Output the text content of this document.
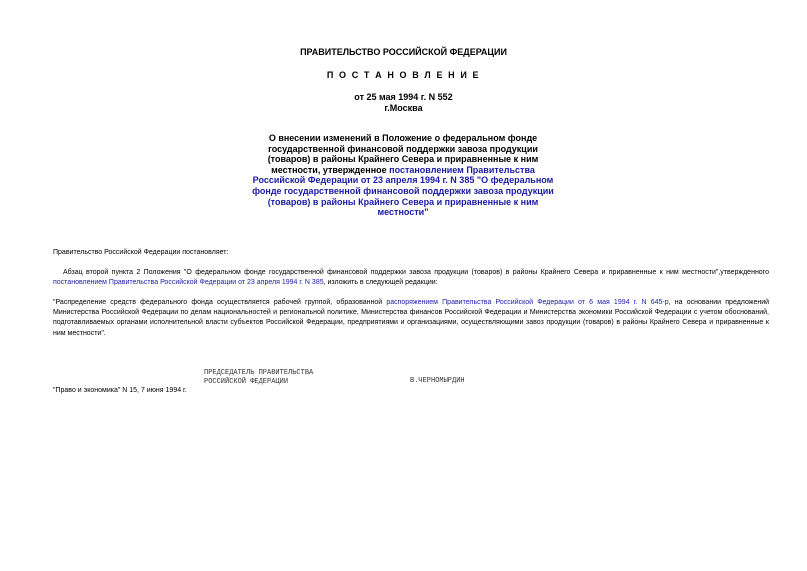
ПРАВИТЕЛЬСТВО РОССИЙСКОЙ ФЕДЕРАЦИИ
П О С Т А Н О В Л Е Н И Е
от 25 мая 1994 г. N 552
г.Москва
О внесении изменений в Положение о федеральном фонде государственной финансовой поддержки завоза продукции (товаров) в районы Крайнего Севера и приравненные к ним местности, утвержденное постановлением Правительства Российской Федерации от 23 апреля 1994 г. N 385 "О федеральном фонде государственной финансовой поддержки завоза продукции (товаров) в районы Крайнего Севера и приравненные к ним местности"
Правительство Российской Федерации постановляет:
Абзац второй пункта 2 Положения "О федеральном фонде государственной финансовой поддержки завоза продукции (товаров) в районы Крайнего Севера и приравненные к ним местности",утвержденного постановлением Правительства Российской Федерации от 23 апреля 1994 г. N 385, изложить в следующей редакции:
"Распределение средств федерального фонда осуществляется рабочей группой, образованной распоряжением Правительства Российской Федерации от 6 мая 1994 г. N 645-р, на основании предложений Министерства Российской Федерации по делам национальностей и региональной политике, Министерства финансов Российской Федерации и Министерства экономики Российской Федерации с учетом обоснований, подготавливаемых органами исполнительной власти субъектов Российской Федерации, предприятиями и организациями, осуществляющими завоз продукции (товаров) в районы Крайнего Севера и приравненные к ним местности".
ПРЕДСЕДАТЕЛЬ ПРАВИТЕЛЬСТВА
РОССИЙСКОЙ ФЕДЕРАЦИИ	В.ЧЕРНОМЫРДИН
"Право и экономика" N 15, 7 июня 1994 г.
